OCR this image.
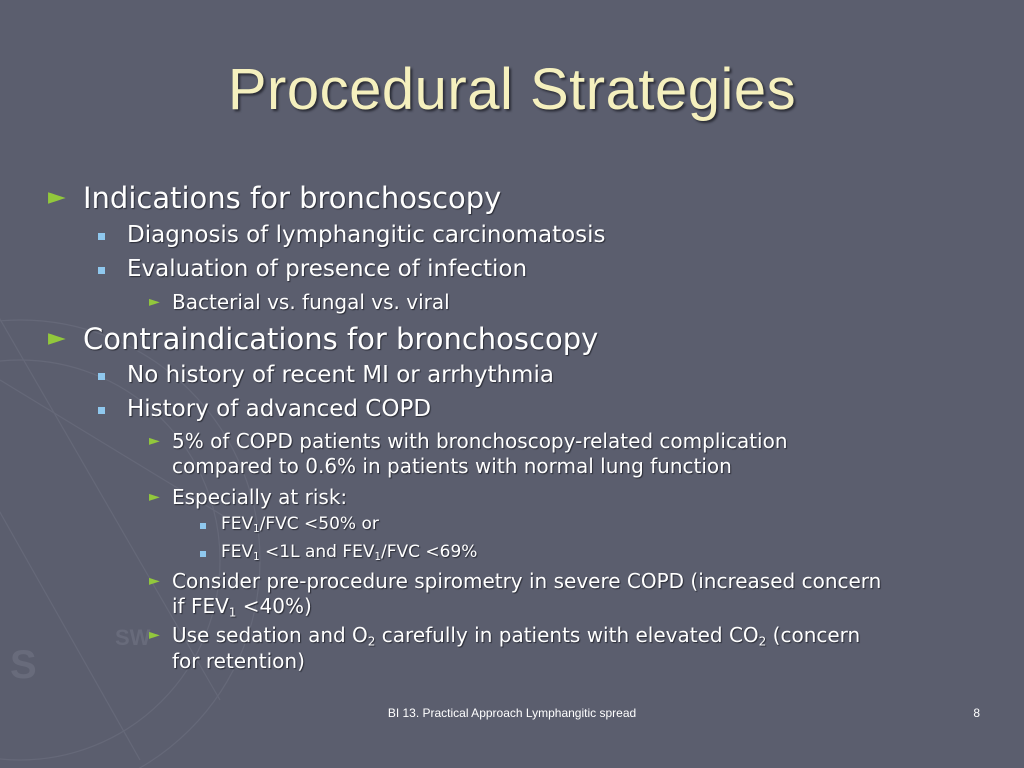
S
SW
Procedural Strategies
► Indications for bronchoscopy
Diagnosis of lymphangitic carcinomatosis
Evaluation of presence of infection
► Bacterial vs. fungal vs. viral
► Contraindications for bronchoscopy
No history of recent MI or arrhythmia
History of advanced COPD
► 5% of COPD patients with bronchoscopy-related complication
compared to 0.6% in patients with normal lung function
► Especially at risk:
$FEV_1$/FVC <50% or
$FEV_1 <1L$ and $FEV_1$/FVC <69%
► Consider pre-procedure spirometry in severe COPD (increased concern
if $FEV_1 <40\%$)
► Use sedation and $O_2$ carefully in patients with elevated $CO_2$ (concern
for retention)
BI 13. Practical Approach Lymphangitic spread	8
